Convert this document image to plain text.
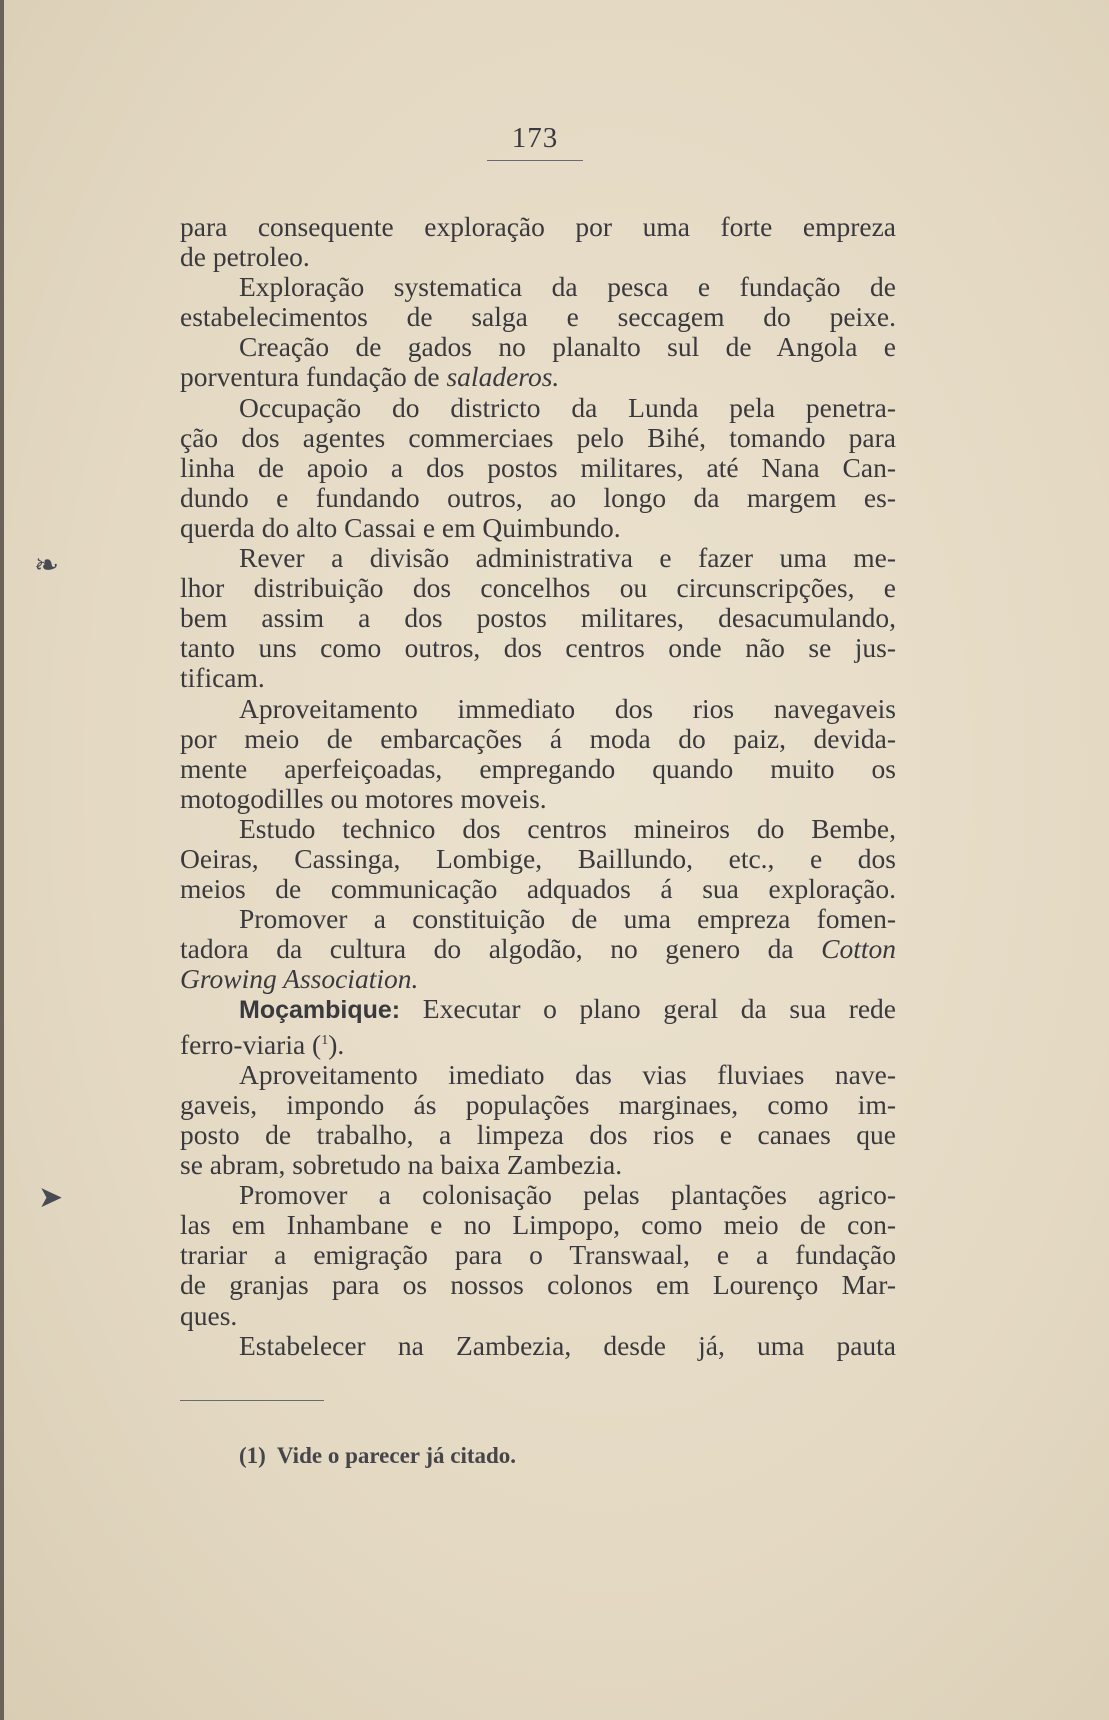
173
❧
➤
para consequente exploração por uma forte empreza
de petroleo.
Exploração systematica da pesca e fundação de
estabelecimentos de salga e seccagem do peixe.
Creação de gados no planalto sul de Angola e
porventura fundação de saladeros.
Occupação do districto da Lunda pela penetra-
ção dos agentes commerciaes pelo Bihé, tomando para
linha de apoio a dos postos militares, até Nana Can-
dundo e fundando outros, ao longo da margem es-
querda do alto Cassai e em Quimbundo.
Rever a divisão administrativa e fazer uma me-
lhor distribuição dos concelhos ou circunscripções, e
bem assim a dos postos militares, desacumulando,
tanto uns como outros, dos centros onde não se jus-
tificam.
Aproveitamento immediato dos rios navegaveis
por meio de embarcações á moda do paiz, devida-
mente aperfeiçoadas, empregando quando muito os
motogodilles ou motores moveis.
Estudo technico dos centros mineiros do Bembe,
Oeiras, Cassinga, Lombige, Baillundo, etc., e dos
meios de communicação adquados á sua exploração.
Promover a constituição de uma empreza fomen-
tadora da cultura do algodão, no genero da Cotton
Growing Association.
Moçambique: Executar o plano geral da sua rede
ferro-viaria ($^1$).
Aproveitamento imediato das vias fluviaes nave-
gaveis, impondo ás populações marginaes, como im-
posto de trabalho, a limpeza dos rios e canaes que
se abram, sobretudo na baixa Zambezia.
Promover a colonisação pelas plantações agrico-
las em Inhambane e no Limpopo, como meio de con-
trariar a emigração para o Transwaal, e a fundação
de granjas para os nossos colonos em Lourenço Mar-
ques.
Estabelecer na Zambezia, desde já, uma pauta
(1) Vide o parecer já citado.
